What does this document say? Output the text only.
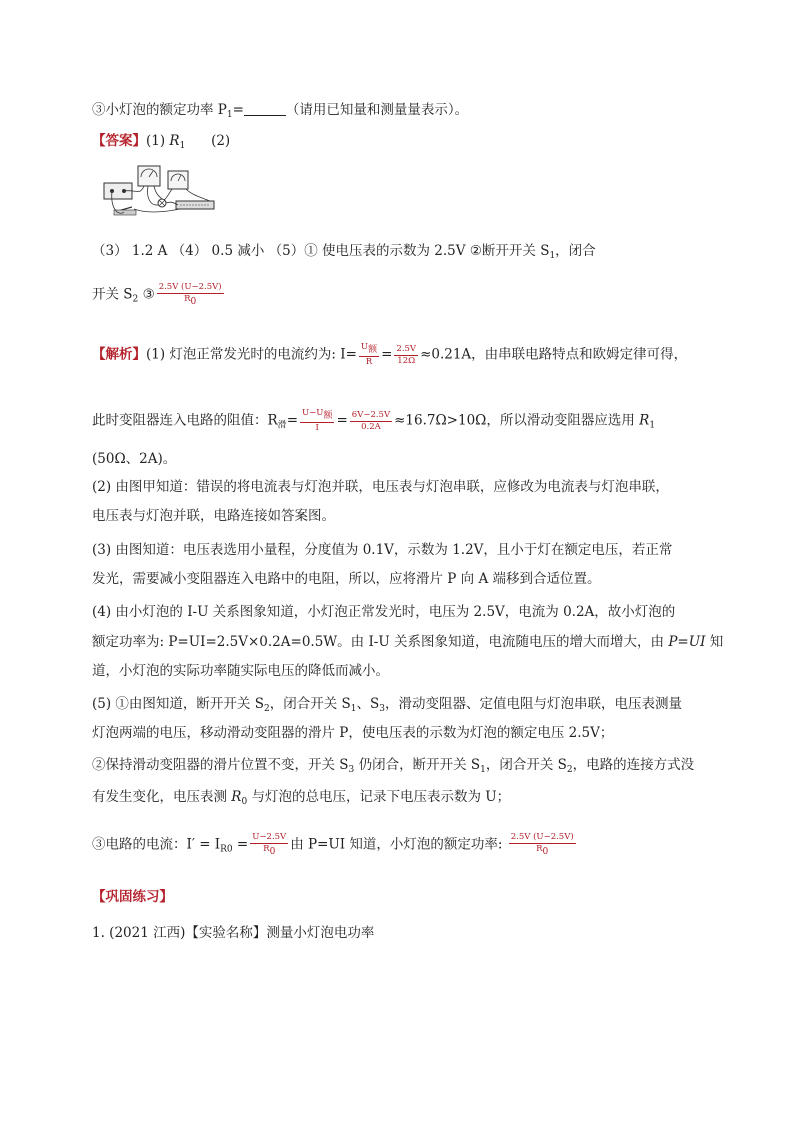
③小灯泡的额定功率 $P_1=$	（请用已知量和测量量表示）。
【答案】(1) $R_1$ (2)
（3） 1.2 A （4） 0.5 减小 （5）① 使电压表的示数为 2.5V ②断开开关 $S_1$，闭合
开关 $S_2$ ③ $\frac{2.5V (U-2.5V)}{R0}$
【解析】(1) 灯泡正常发光时的电流约为: $I= \frac{\text{U额}}{R} = \frac{2.5V}{12\Omega} \approx 0.21A$，由串联电路特点和欧姆定律可得，
此时变阻器连入电路的阻值：$R_滑= \frac{\text{U−U额}}{I} = \frac{6V-2.5V}{0.2A} \approx 16.7\Omega>10\Omega$，所以滑动变阻器应选用 $R_1$
(50Ω、2A)。
(2) 由图甲知道：错误的将电流表与灯泡并联，电压表与灯泡串联，应修改为电流表与灯泡串联，
电压表与灯泡并联，电路连接如答案图。
(3) 由图知道：电压表选用小量程，分度值为 0.1V，示数为 1.2V，且小于灯在额定电压，若正常
发光，需要减小变阻器连入电路中的电阻，所以，应将滑片 P 向 A 端移到合适位置。
(4) 由小灯泡的 I-U 关系图象知道，小灯泡正常发光时，电压为 2.5V，电流为 0.2A，故小灯泡的
额定功率为: P=UI=2.5V×0.2A=0.5W。由 I-U 关系图象知道，电流随电压的增大而增大，由 P=UI 知
道，小灯泡的实际功率随实际电压的降低而减小。
(5) ①由图知道，断开开关 $S_2$，闭合开关 $S_1$、$S_3$，滑动变阻器、定值电阻与灯泡串联，电压表测量
灯泡两端的电压，移动滑动变阻器的滑片 P，使电压表的示数为灯泡的额定电压 2.5V；
②保持滑动变阻器的滑片位置不变，开关 $S_3$ 仍闭合，断开开关 $S_1$，闭合开关 $S_2$，电路的连接方式没
有发生变化，电压表测 $R_0$ 与灯泡的总电压，记录下电压表示数为 U；
③电路的电流：$I' = I_{R0} = \frac{U-2.5V}{R0}$ 由 P=UI 知道，小灯泡的额定功率: $\frac{2.5V (U-2.5V)}{R0}$
【巩固练习】
1. (2021 江西)【实验名称】测量小灯泡电功率
